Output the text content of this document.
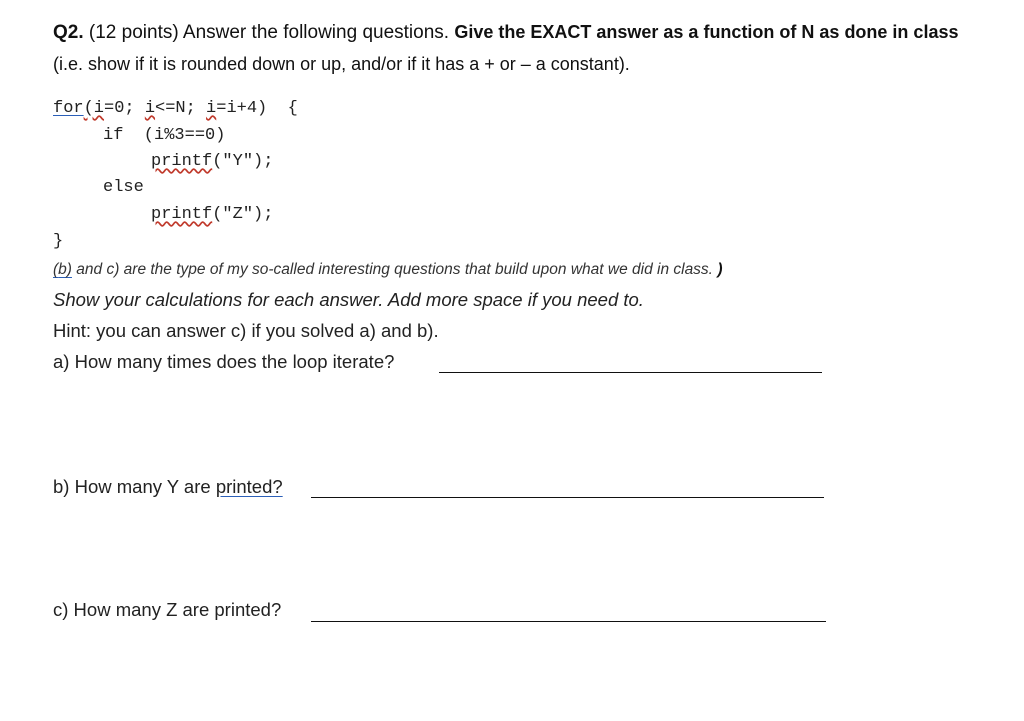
Q2. (12 points) Answer the following questions. Give the EXACT answer as a function of N as done in class
(i.e. show if it is rounded down or up, and/or if it has a + or – a constant).
for(i=0; i<=N; i=i+4)  {
if  (i%3==0)
printf("Y");
else
printf("Z");
}
(b) and c) are the type of my so-called interesting questions that build upon what we did in class. )
Show your calculations for each answer. Add more space if you need to.
Hint: you can answer c) if you solved a) and b).
a) How many times does the loop iterate?
b) How many Y are printed?
c) How many Z are printed?
